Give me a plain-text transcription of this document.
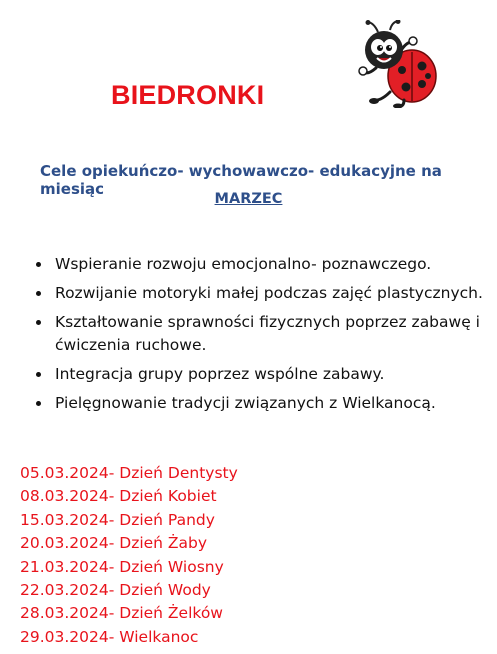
BIEDRONKI
Cele opiekuńczo- wychowawczo- edukacyjne na miesiąc
MARZEC
Wspieranie rozwoju emocjonalno- poznawczego.
Rozwijanie motoryki małej podczas zajęć plastycznych.
Kształtowanie sprawności fizycznych poprzez zabawę i ćwiczenia ruchowe.
Integracja grupy poprzez wspólne zabawy.
Pielęgnowanie tradycji związanych z Wielkanocą.
05.03.2024- Dzień Dentysty
08.03.2024- Dzień Kobiet
15.03.2024- Dzień Pandy
20.03.2024- Dzień Żaby
21.03.2024- Dzień Wiosny
22.03.2024- Dzień Wody
28.03.2024- Dzień Żelków
29.03.2024- Wielkanoc
